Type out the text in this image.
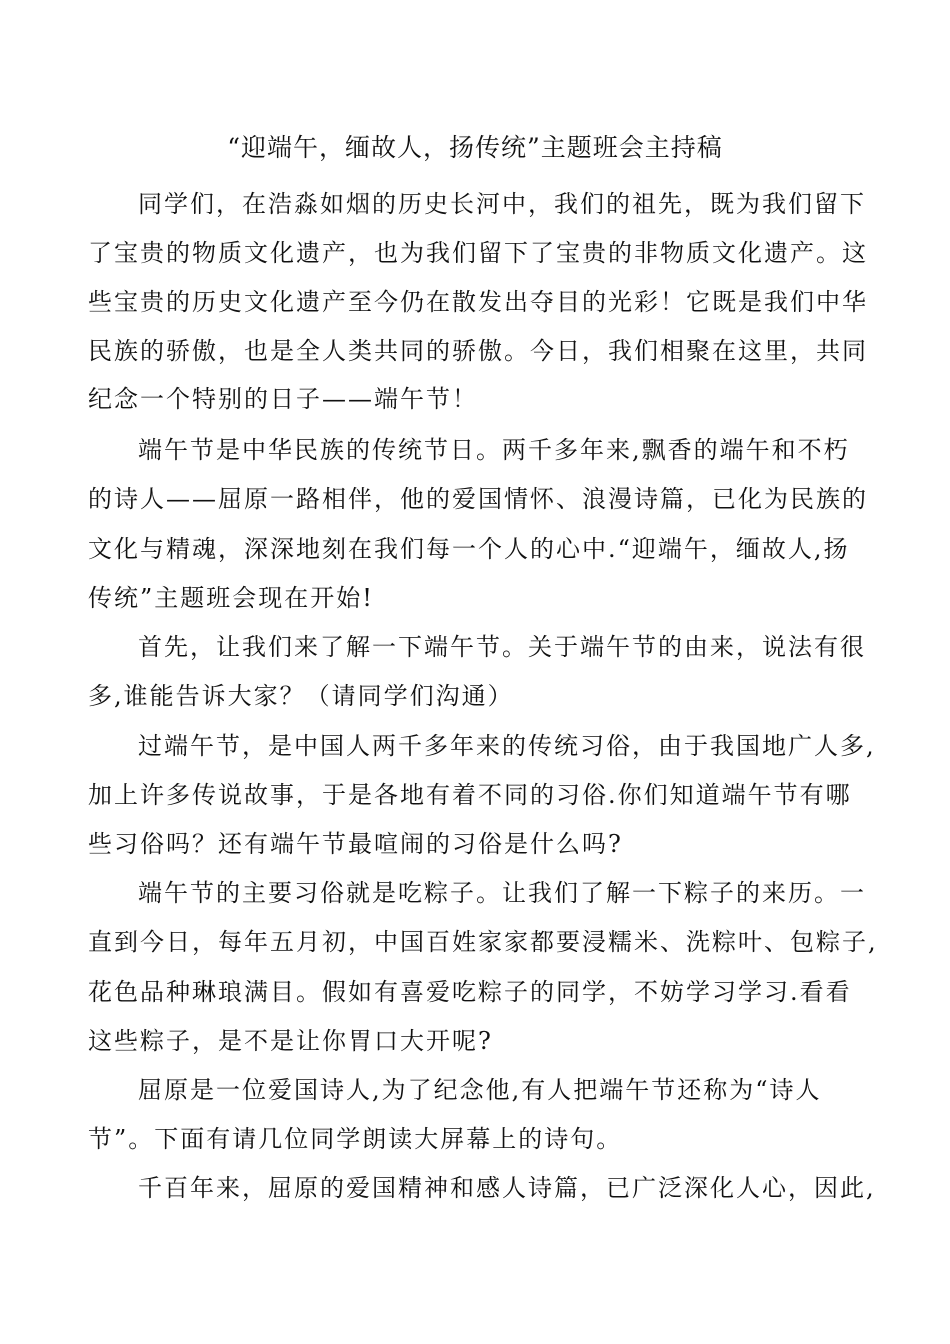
“迎端午，缅故人，扬传统”主题班会主持稿
同学们，在浩淼如烟的历史长河中，我们的祖先，既为我们留下
了宝贵的物质文化遗产，也为我们留下了宝贵的非物质文化遗产。这
些宝贵的历史文化遗产至今仍在散发出夺目的光彩！它既是我们中华
民族的骄傲，也是全人类共同的骄傲。今日，我们相聚在这里，共同
纪念一个特别的日子——端午节！
端午节是中华民族的传统节日。两千多年来,飘香的端午和不朽
的诗人——屈原一路相伴，他的爱国情怀、浪漫诗篇，已化为民族的
文化与精魂，深深地刻在我们每一个人的心中.“迎端午，缅故人,扬
传统”主题班会现在开始!
首先，让我们来了解一下端午节。关于端午节的由来，说法有很
多,谁能告诉大家？（请同学们沟通）
过端午节，是中国人两千多年来的传统习俗，由于我国地广人多,
加上许多传说故事，于是各地有着不同的习俗.你们知道端午节有哪
些习俗吗？还有端午节最喧闹的习俗是什么吗?
端午节的主要习俗就是吃粽子。让我们了解一下粽子的来历。一
直到今日，每年五月初，中国百姓家家都要浸糯米、洗粽叶、包粽子,
花色品种琳琅满目。假如有喜爱吃粽子的同学，不妨学习学习.看看
这些粽子，是不是让你胃口大开呢?
屈原是一位爱国诗人,为了纪念他,有人把端午节还称为“诗人
节”。下面有请几位同学朗读大屏幕上的诗句。
千百年来，屈原的爱国精神和感人诗篇，已广泛深化人心，因此,
